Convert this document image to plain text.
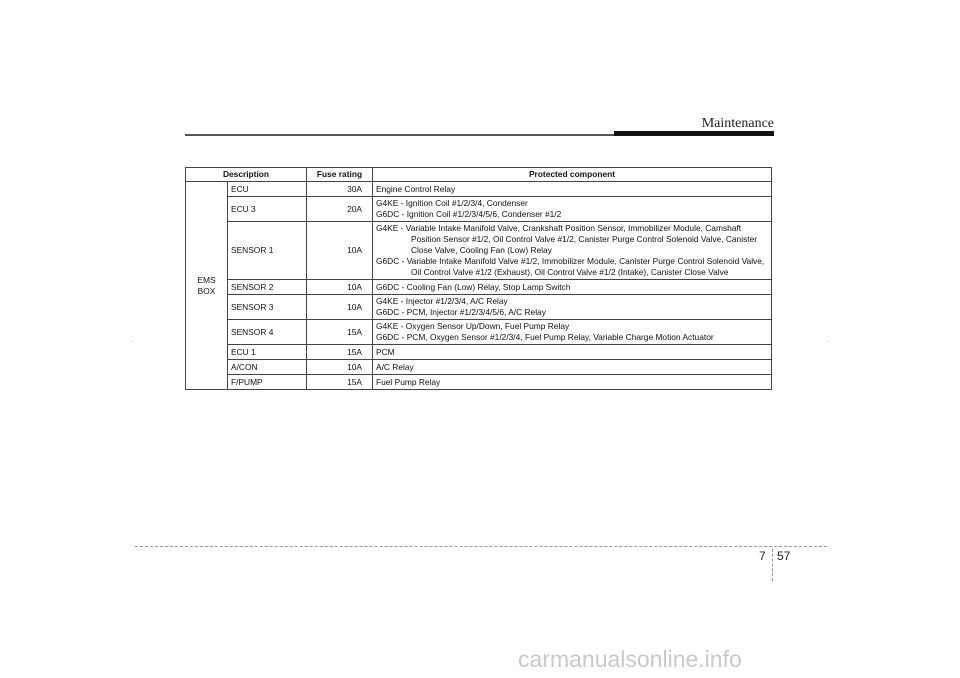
Maintenance
Description		Fuse rating	Protected component
EMS BOX	ECU	30A	Engine Control Relay

	ECU 3	20A	G4KE - Ignition Coil #1/2/3/4, Condenser
G6DC - Ignition Coil #1/2/3/4/5/6, Condenser #1/2

	SENSOR 1	10A	G4KE - Variable Intake Manifold Valve, Crankshaft Position Sensor, Immobilizer Module, Camshaft Position Sensor #1/2, Oil Control Valve #1/2, Canister Purge Control Solenoid Valve, Canister Close Valve, Cooling Fan (Low) Relay
G6DC - Variable Intake Manifold Valve #1/2, Immobilizer Module, Canister Purge Control Solenoid Valve, Oil Control Valve #1/2 (Exhaust), Oil Control Valve #1/2 (Intake), Canister Close Valve

	SENSOR 2	10A	G6DC - Cooling Fan (Low) Relay, Stop Lamp Switch

	SENSOR 3	10A	G4KE - Injector #1/2/3/4, A/C Relay
G6DC - PCM, Injector #1/2/3/4/5/6, A/C Relay

	SENSOR 4	15A	G4KE - Oxygen Sensor Up/Down, Fuel Pump Relay
G6DC - PCM, Oxygen Sensor #1/2/3/4, Fuel Pump Relay, Variable Charge Motion Actuator

	ECU 1	15A	PCM

	A/CON	10A	A/C Relay

	F/PUMP	15A	Fuel Pump Relay
7 57
carmanualsonline.info
